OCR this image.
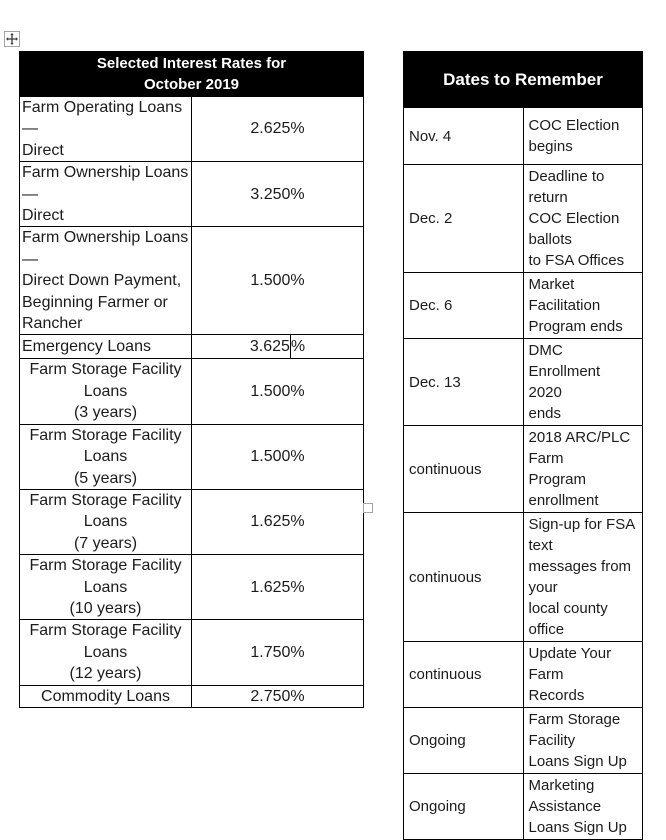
Selected Interest Rates for
October 2019	

Farm Operating Loans —
Direct	2.625%

Farm Ownership Loans —
Direct	3.250%

Farm Ownership Loans —
Direct Down Payment,
Beginning Farmer or Rancher	1.500%

Emergency Loans	3.625 %

Farm Storage Facility Loans
(3 years)	1.500%

Farm Storage Facility Loans
(5 years)	1.500%

Farm Storage Facility Loans
(7 years)	1.625%

Farm Storage Facility Loans
(10 years)	1.625%

Farm Storage Facility Loans
(12 years)	1.750%

Commodity Loans	2.750%
Dates to Remember	
Nov. 4	COC Election begins

Dec. 2	Deadline to return
COC Election ballots
to FSA Offices

Dec. 6	Market Facilitation
Program ends

Dec. 13	DMC Enrollment 2020
ends

continuous	2018 ARC/PLC Farm
Program enrollment

continuous	Sign-up for FSA text
messages from your
local county office

continuous	Update Your Farm
Records

Ongoing	Farm Storage Facility
Loans Sign Up

Ongoing	Marketing Assistance
Loans Sign Up
